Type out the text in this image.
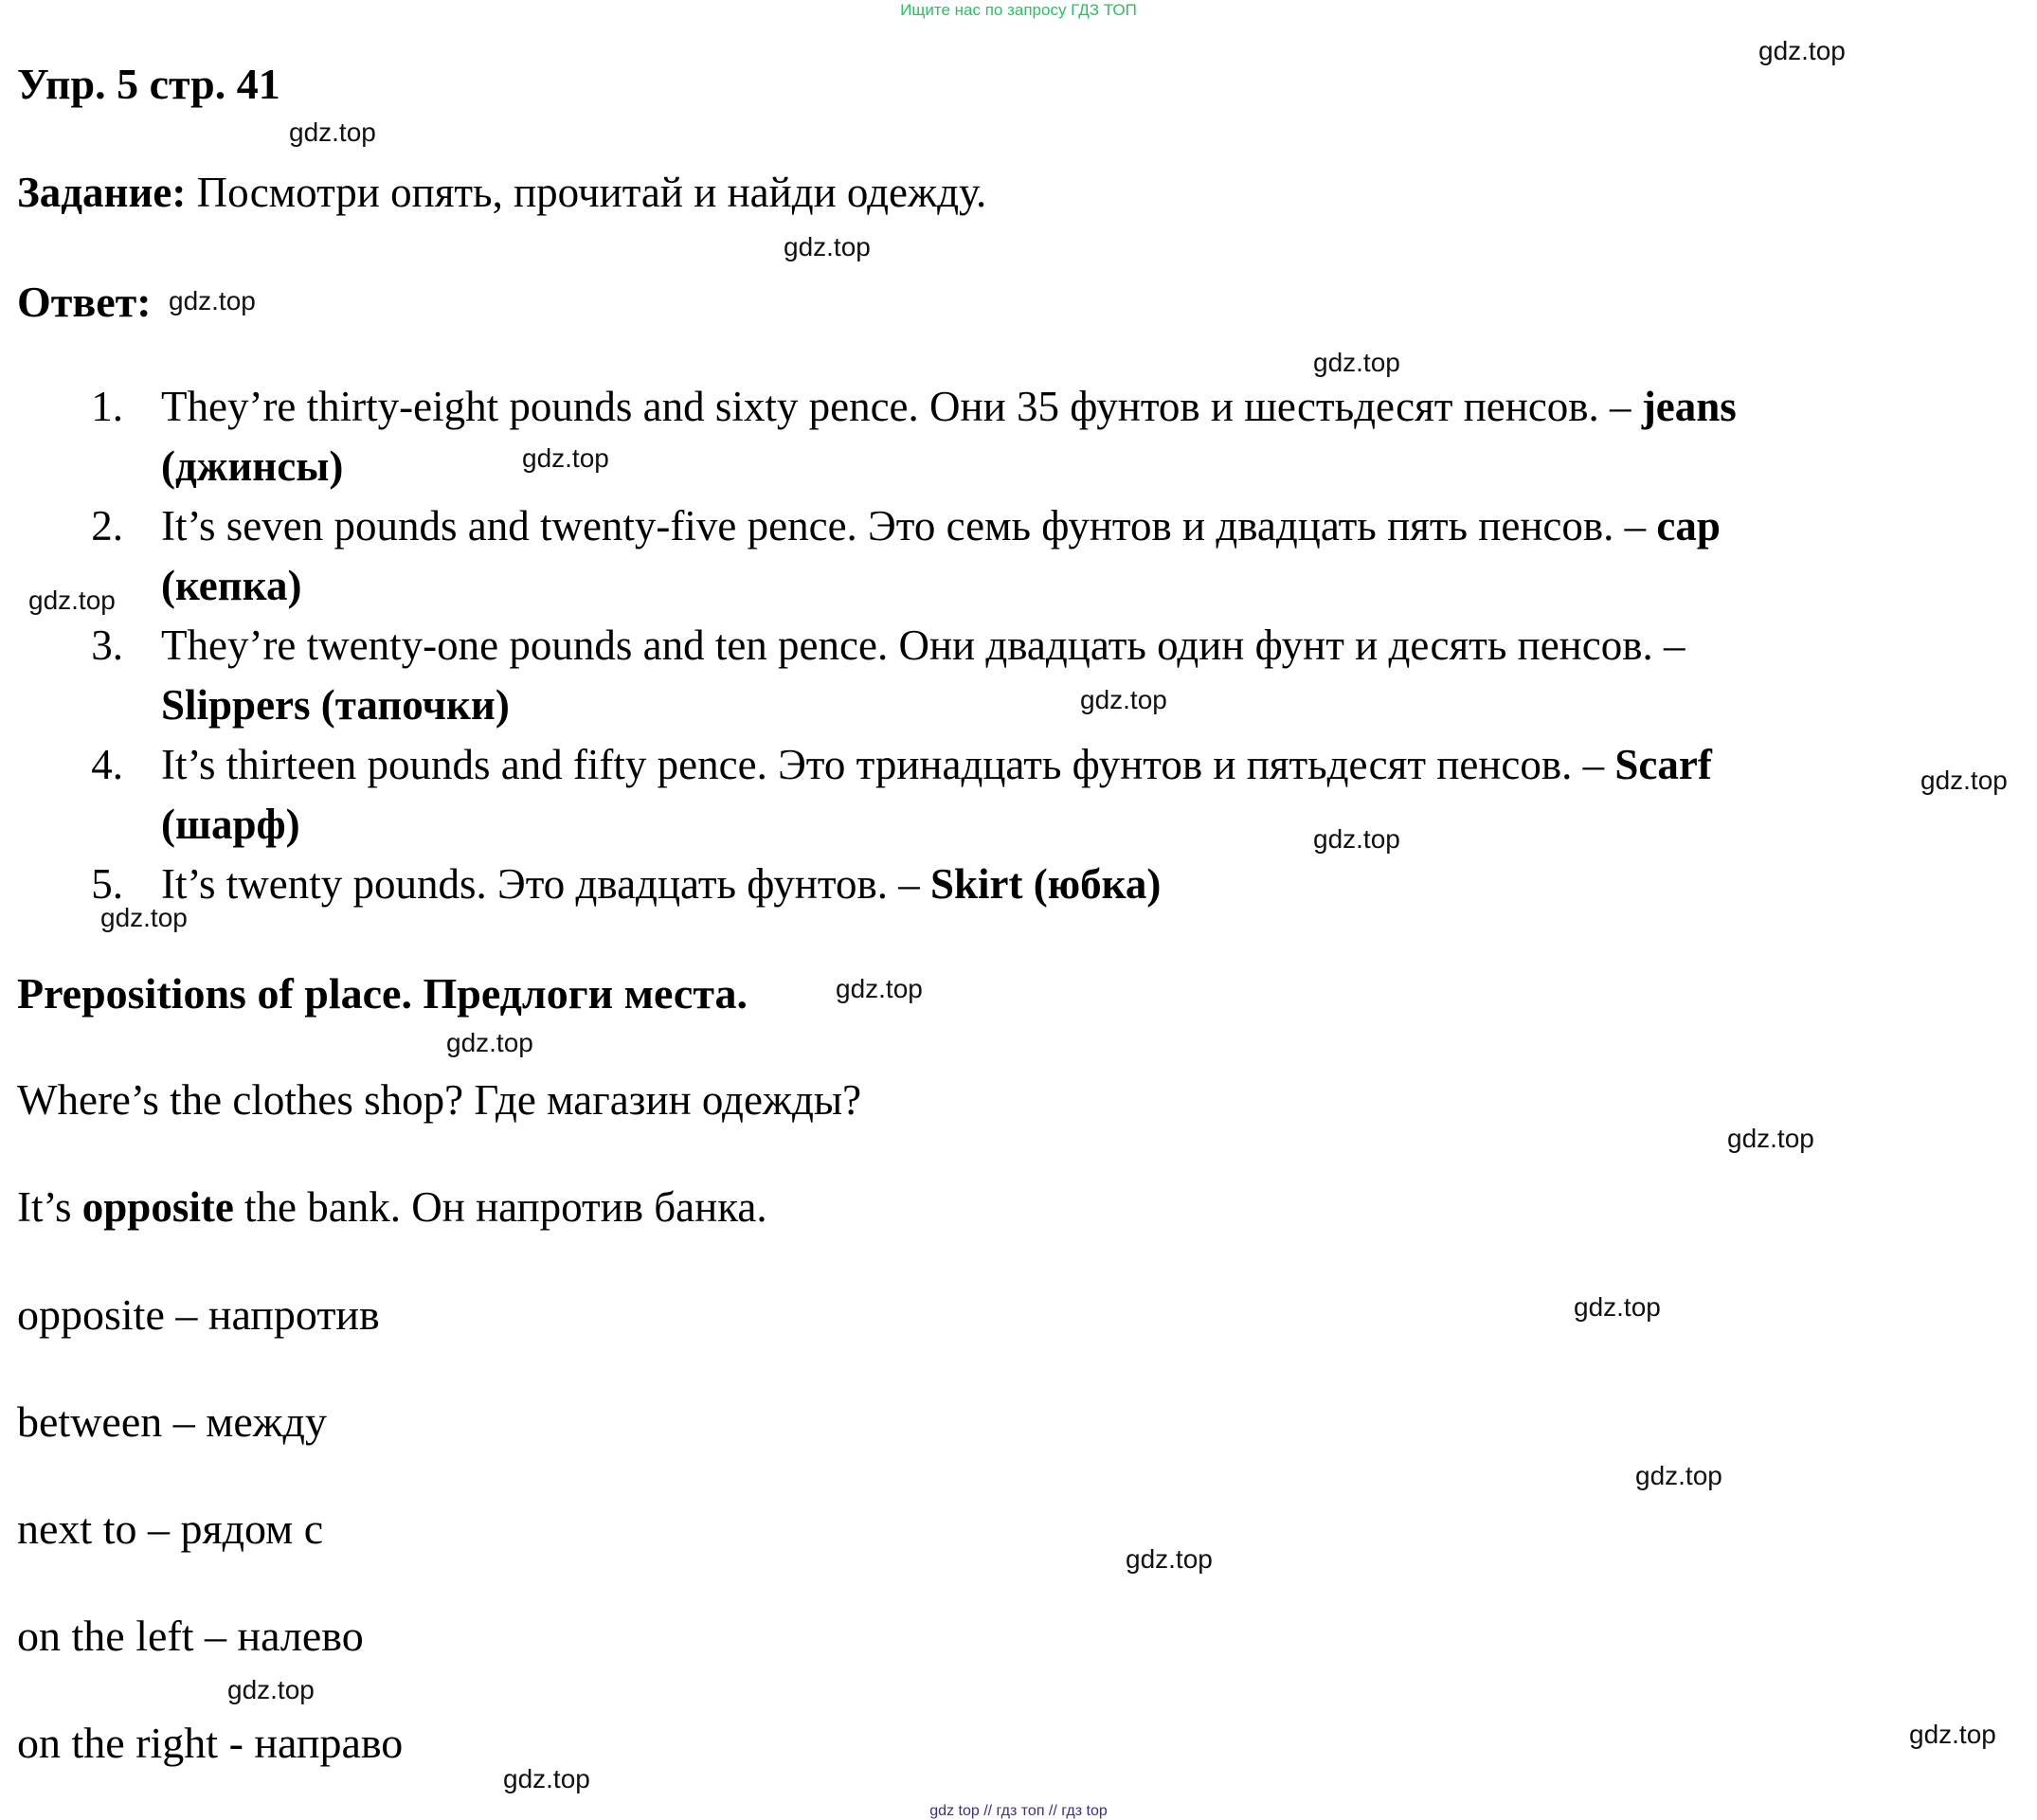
Ищите нас по запросу ГДЗ ТОП
gdz top // гдз топ // гдз top
Упр. 5 стр. 41
Задание: Посмотри опять, прочитай и найди одежду.
Ответ:
1. They’re thirty-eight pounds and sixty pence. Они 35 фунтов и шестьдесят пенсов. – jeans
(джинсы)
2. It’s seven pounds and twenty-five pence. Это семь фунтов и двадцать пять пенсов. – cap
(кепка)
3. They’re twenty-one pounds and ten pence. Они двадцать один фунт и десять пенсов. –
Slippers (тапочки)
4. It’s thirteen pounds and fifty pence. Это тринадцать фунтов и пятьдесят пенсов. – Scarf
(шарф)
5. It’s twenty pounds. Это двадцать фунтов. – Skirt (юбка)
Prepositions of place. Предлоги места.
Where’s the clothes shop? Где магазин одежды?
It’s opposite the bank. Он напротив банка.
opposite – напротив
between – между
next to – рядом с
on the left – налево
on the right - направо
gdz.top
gdz.top
gdz.top
gdz.top
gdz.top
gdz.top
gdz.top
gdz.top
gdz.top
gdz.top
gdz.top
gdz.top
gdz.top
gdz.top
gdz.top
gdz.top
gdz.top
gdz.top
gdz.top
gdz.top
